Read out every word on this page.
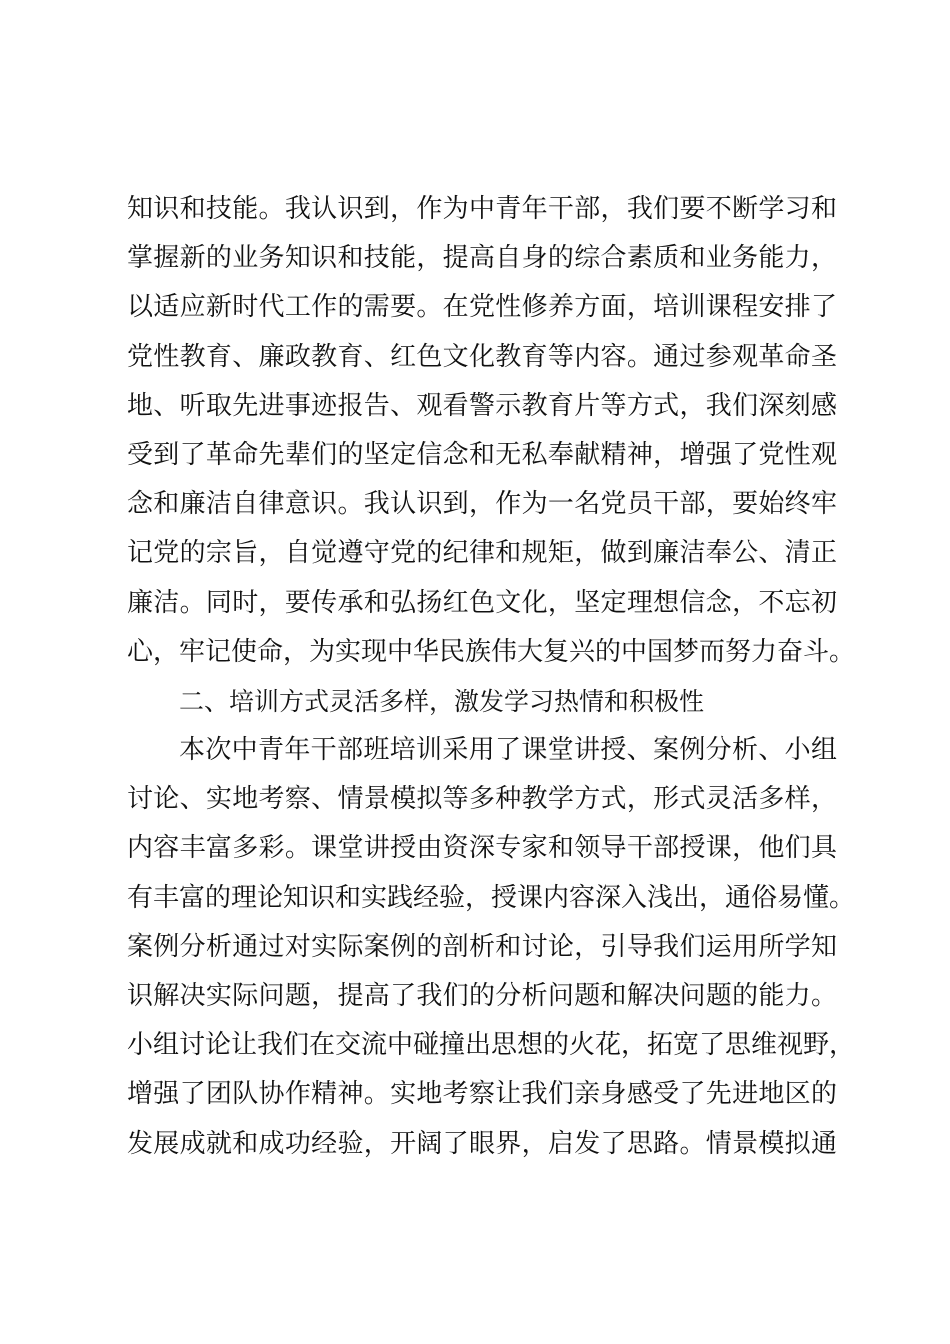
知识和技能。我认识到，作为中青年干部，我们要不断学习和
掌握新的业务知识和技能，提高自身的综合素质和业务能力，
以适应新时代工作的需要。在党性修养方面，培训课程安排了
党性教育、廉政教育、红色文化教育等内容。通过参观革命圣
地、听取先进事迹报告、观看警示教育片等方式，我们深刻感
受到了革命先辈们的坚定信念和无私奉献精神，增强了党性观
念和廉洁自律意识。我认识到，作为一名党员干部，要始终牢
记党的宗旨，自觉遵守党的纪律和规矩，做到廉洁奉公、清正
廉洁。同时，要传承和弘扬红色文化，坚定理想信念，不忘初
心，牢记使命，为实现中华民族伟大复兴的中国梦而努力奋斗。
二、培训方式灵活多样，激发学习热情和积极性
本次中青年干部班培训采用了课堂讲授、案例分析、小组
讨论、实地考察、情景模拟等多种教学方式，形式灵活多样，
内容丰富多彩。课堂讲授由资深专家和领导干部授课，他们具
有丰富的理论知识和实践经验，授课内容深入浅出，通俗易懂。
案例分析通过对实际案例的剖析和讨论，引导我们运用所学知
识解决实际问题，提高了我们的分析问题和解决问题的能力。
小组讨论让我们在交流中碰撞出思想的火花，拓宽了思维视野，
增强了团队协作精神。实地考察让我们亲身感受了先进地区的
发展成就和成功经验，开阔了眼界，启发了思路。情景模拟通
